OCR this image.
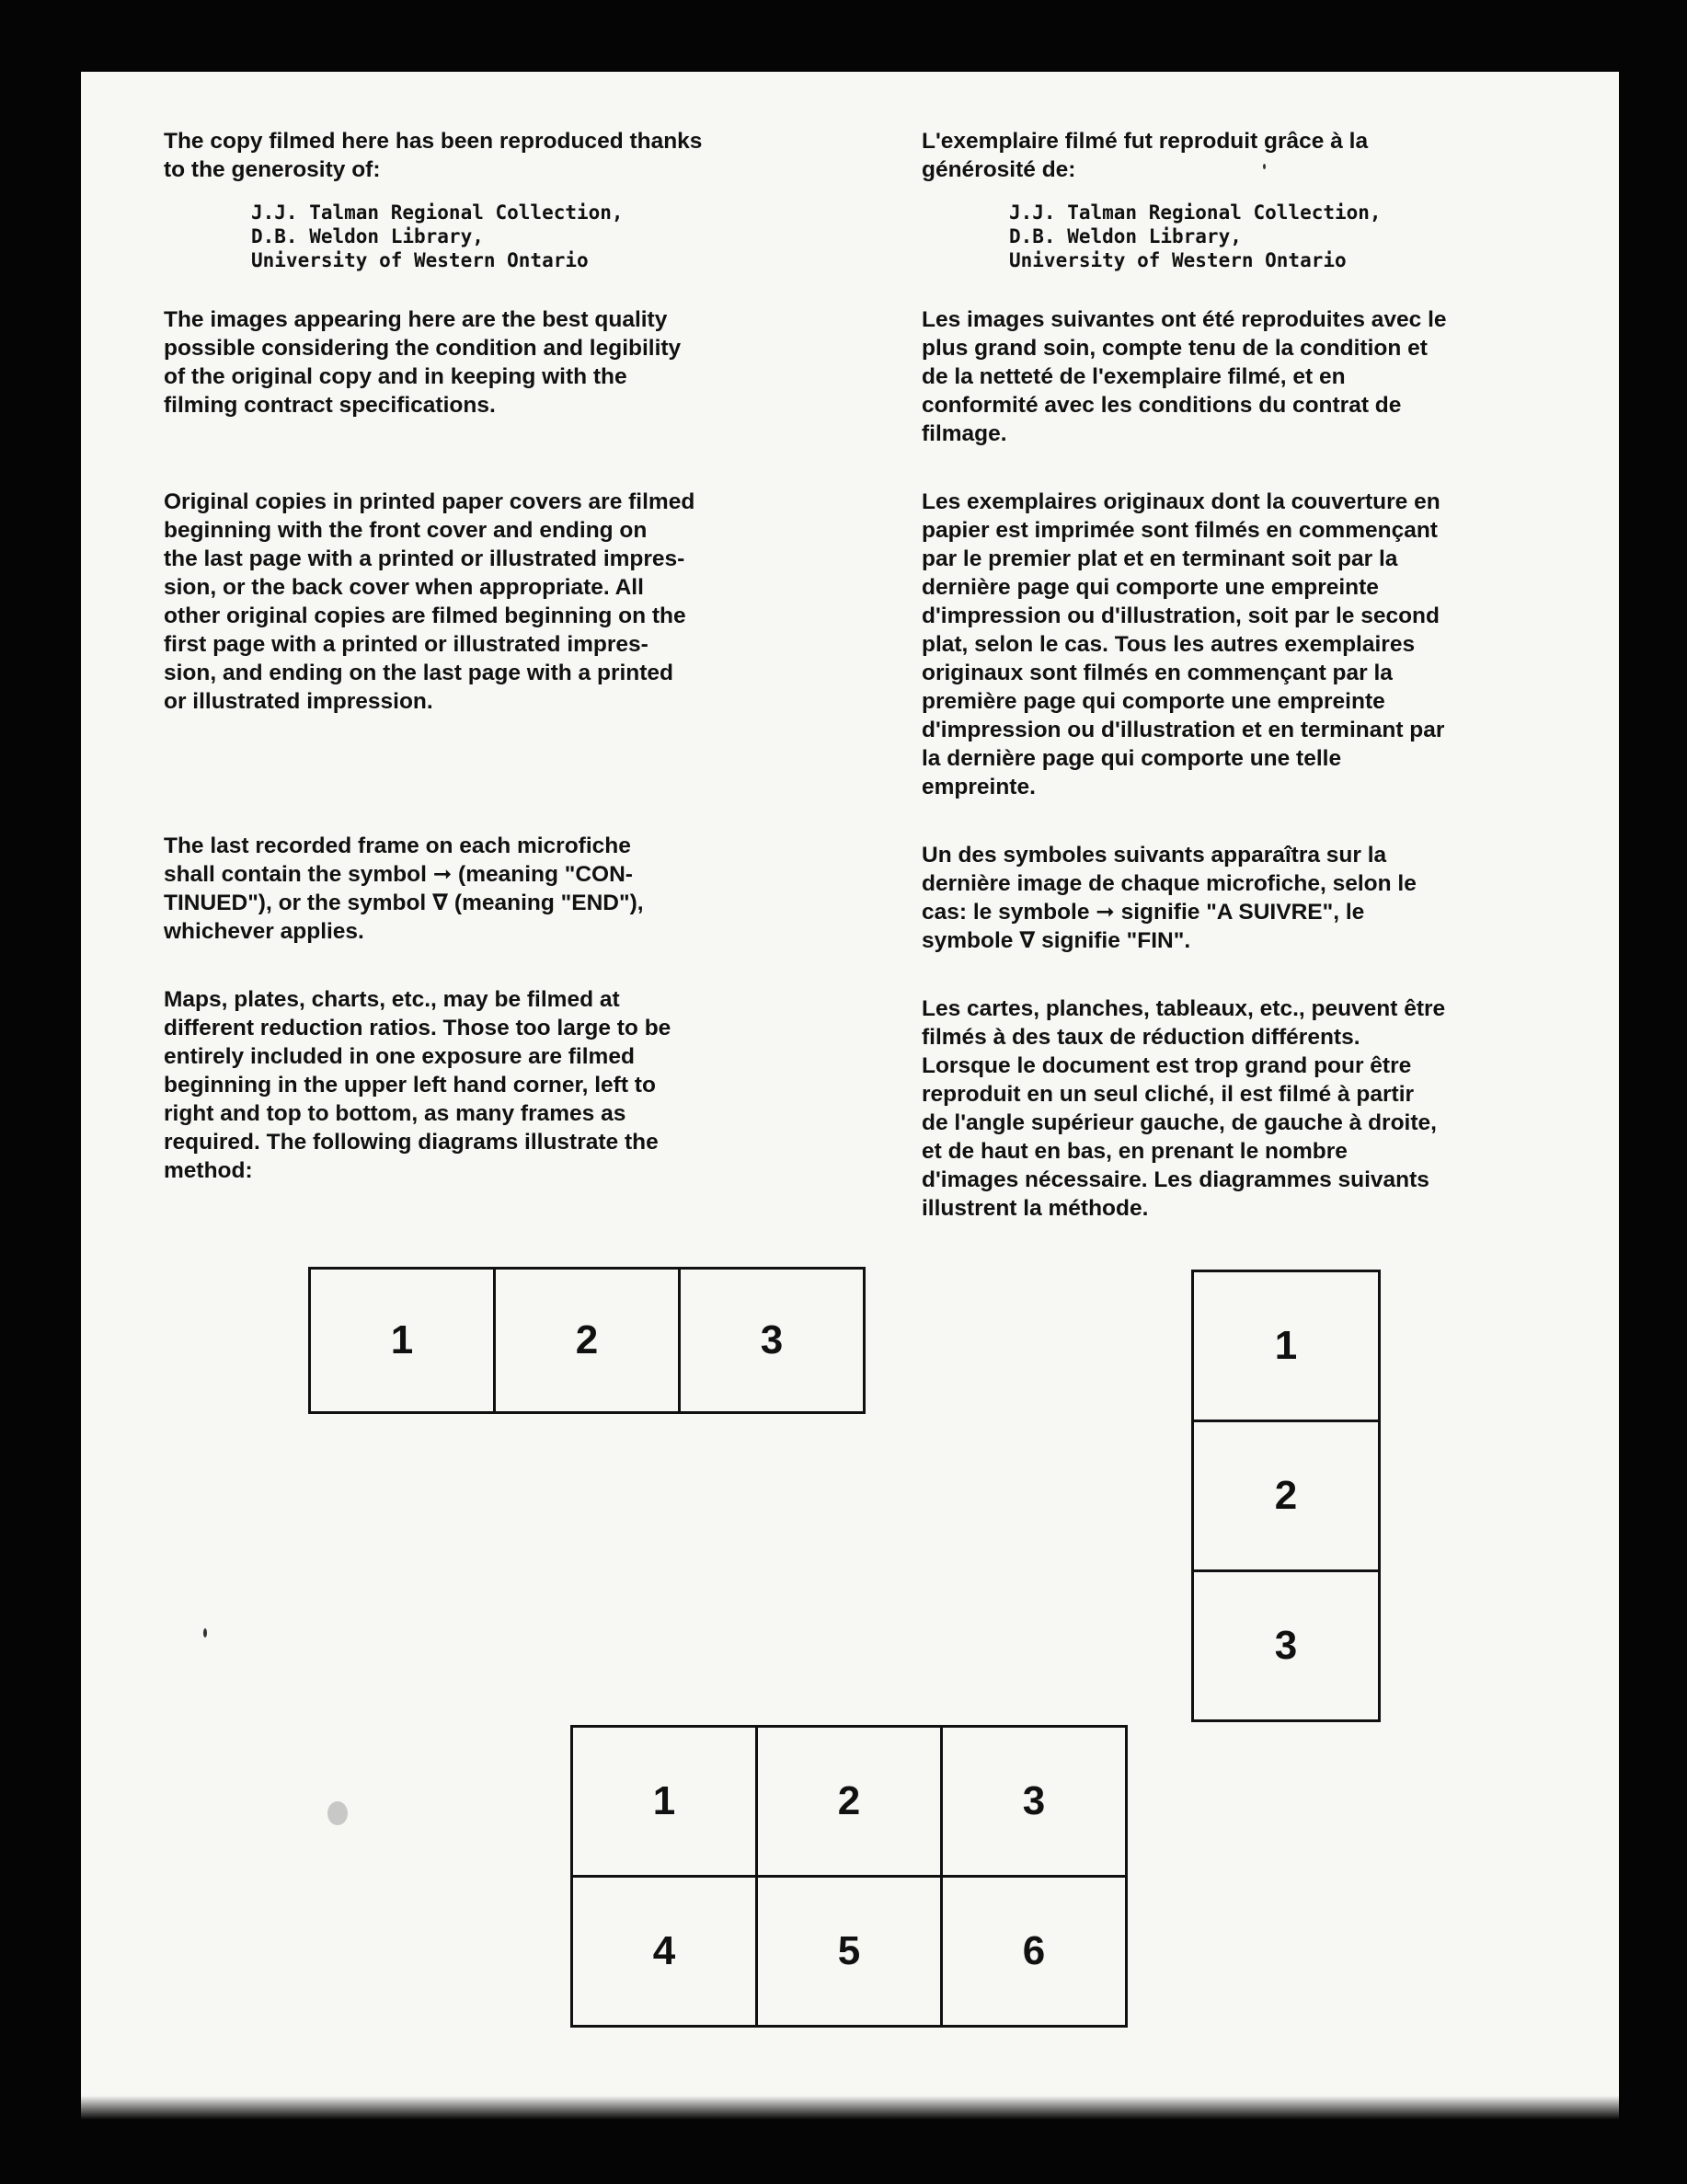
The copy filmed here has been reproduced thanks
to the generosity of:

J.J. Talman Regional Collection,
D.B. Weldon Library,
University of Western Ontario

The images appearing here are the best quality
possible considering the condition and legibility
of the original copy and in keeping with the
filming contract specifications.

Original copies in printed paper covers are filmed
beginning with the front cover and ending on
the last page with a printed or illustrated impres-
sion, or the back cover when appropriate. All
other original copies are filmed beginning on the
first page with a printed or illustrated impres-
sion, and ending on the last page with a printed
or illustrated impression.

The last recorded frame on each microfiche
shall contain the symbol ➞ (meaning "CON-
TINUED"), or the symbol ∇ (meaning "END"),
whichever applies.

Maps, plates, charts, etc., may be filmed at
different reduction ratios. Those too large to be
entirely included in one exposure are filmed
beginning in the upper left hand corner, left to
right and top to bottom, as many frames as
required. The following diagrams illustrate the
method:

L'exemplaire filmé fut reproduit grâce à la
générosité de:

J.J. Talman Regional Collection,
D.B. Weldon Library,
University of Western Ontario

Les images suivantes ont été reproduites avec le
plus grand soin, compte tenu de la condition et
de la netteté de l'exemplaire filmé, et en
conformité avec les conditions du contrat de
filmage.

Les exemplaires originaux dont la couverture en
papier est imprimée sont filmés en commençant
par le premier plat et en terminant soit par la
dernière page qui comporte une empreinte
d'impression ou d'illustration, soit par le second
plat, selon le cas. Tous les autres exemplaires
originaux sont filmés en commençant par la
première page qui comporte une empreinte
d'impression ou d'illustration et en terminant par
la dernière page qui comporte une telle
empreinte.

Un des symboles suivants apparaîtra sur la
dernière image de chaque microfiche, selon le
cas: le symbole ➞ signifie "A SUIVRE", le
symbole ∇ signifie "FIN".

Les cartes, planches, tableaux, etc., peuvent être
filmés à des taux de réduction différents.
Lorsque le document est trop grand pour être
reproduit en un seul cliché, il est filmé à partir
de l'angle supérieur gauche, de gauche à droite,
et de haut en bas, en prenant le nombre
d'images nécessaire. Les diagrammes suivants
illustrent la méthode.

1	2	3	1
2
3
1	2	3
4	5	6
